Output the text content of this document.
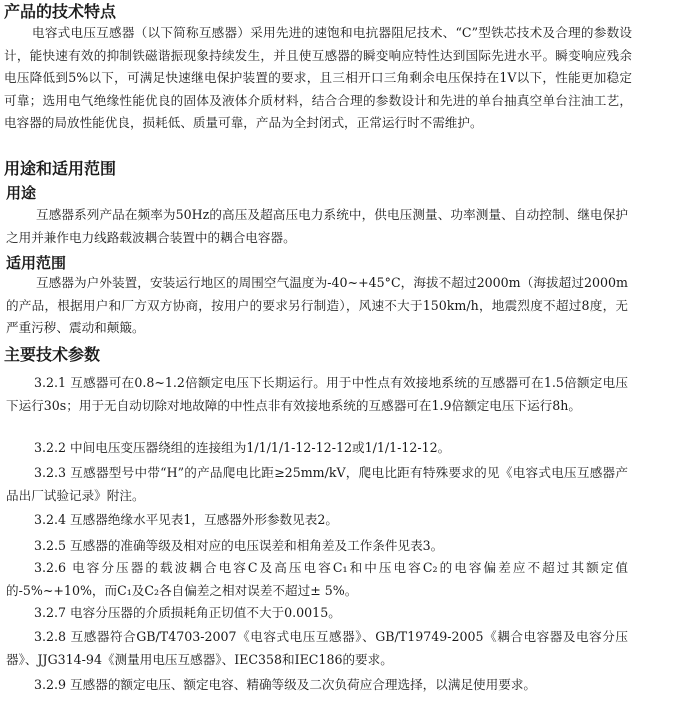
产品的技术特点

电容式电压互感器（以下简称互感器）采用先进的速饱和电抗器阻尼技术、“C”型铁芯技术及合理的参数设计，能快速有效的抑制铁磁谐振现象持续发生，并且使互感器的瞬变响应特性达到国际先进水平。瞬变响应残余电压降低到5%以下，可满足快速继电保护装置的要求，且三相开口三角剩余电压保持在1V以下，性能更加稳定可靠；选用电气绝缘性能优良的固体及液体介质材料，结合合理的参数设计和先进的单台抽真空单台注油工艺，电容器的局放性能优良，损耗低、质量可靠，产品为全封闭式，正常运行时不需维护。

用途和适用范围
用途

互感器系列产品在频率为50Hz的高压及超高压电力系统中，供电压测量、功率测量、自动控制、继电保护之用并兼作电力线路载波耦合装置中的耦合电容器。

适用范围

互感器为户外装置，安装运行地区的周围空气温度为-40~+45°C，海拔不超过2000m（海拔超过2000m的产品，根据用户和厂方双方协商，按用户的要求另行制造），风速不大于150km/h，地震烈度不超过8度，无严重污秽、震动和颠簸。

主要技术参数

3.2.1 互感器可在0.8~1.2倍额定电压下长期运行。用于中性点有效接地系统的互感器可在1.5倍额定电压下运行30s；用于无自动切除对地故障的中性点非有效接地系统的互感器可在1.9倍额定电压下运行8h。

3.2.2 中间电压变压器绕组的连接组为1/1/1/1-12-12-12或1/1/1-12-12。

3.2.3 互感器型号中带“H”的产品爬电比距≥25mm/kV，爬电比距有特殊要求的见《电容式电压互感器产品出厂试验记录》附注。

3.2.4 互感器绝缘水平见表1，互感器外形参数见表2。

3.2.5 互感器的准确等级及相对应的电压误差和相角差及工作条件见表3。

3.2.6 电容分压器的载波耦合电容C及高压电容C₁和中压电容C₂的电容偏差应不超过其额定值的-5%~+10%，而C₁及C₂各自偏差之相对误差不超过± 5%。

3.2.7 电容分压器的介质损耗角正切值不大于0.0015。

3.2.8 互感器符合GB/T4703-2007《电容式电压互感器》、GB/T19749-2005《耦合电容器及电容分压器》、JJG314-94《测量用电压互感器》、IEC358和IEC186的要求。

3.2.9 互感器的额定电压、额定电容、精确等级及二次负荷应合理选择，以满足使用要求。
